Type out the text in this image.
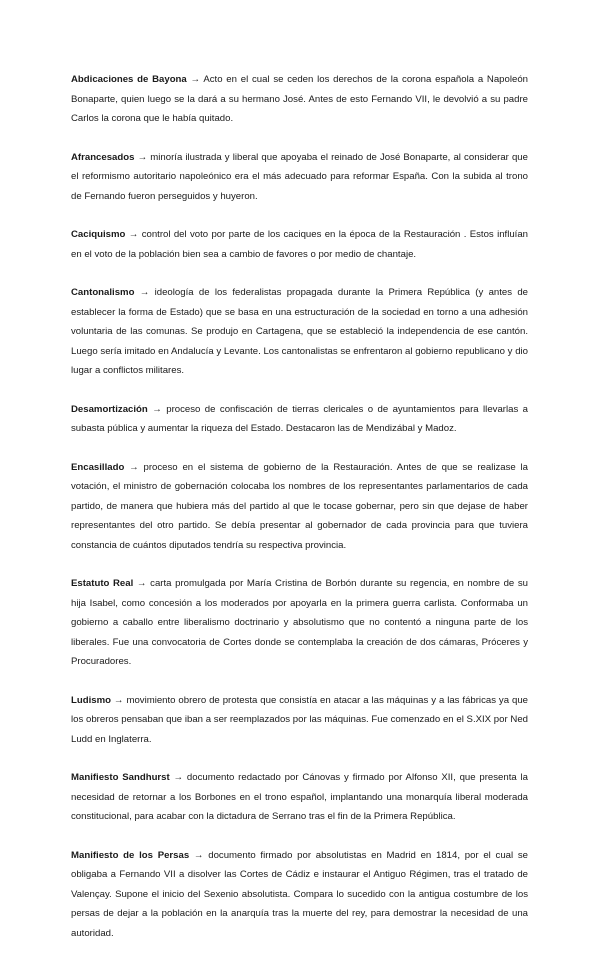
Abdicaciones de Bayona → Acto en el cual se ceden los derechos de la corona española a Napoleón Bonaparte, quien luego se la dará a su hermano José. Antes de esto Fernando VII, le devolvió a su padre Carlos la corona que le había quitado.

Afrancesados → minoría ilustrada y liberal que apoyaba el reinado de José Bonaparte, al considerar que el reformismo autoritario napoleónico era el más adecuado para reformar España. Con la subida al trono de Fernando fueron perseguidos y huyeron.

Caciquismo → control del voto por parte de los caciques en la época de la Restauración . Estos influían en el voto de la población bien sea a cambio de favores o por medio de chantaje.

Cantonalismo → ideología de los federalistas propagada durante la Primera República (y antes de establecer la forma de Estado) que se basa en una estructuración de la sociedad en torno a una adhesión voluntaria de las comunas. Se produjo en Cartagena, que se estableció la independencia de ese cantón. Luego sería imitado en Andalucía y Levante. Los cantonalistas se enfrentaron al gobierno republicano y dio lugar a conflictos militares.

Desamortización → proceso de confiscación de tierras clericales o de ayuntamientos para llevarlas a subasta pública y aumentar la riqueza del Estado. Destacaron las de Mendizábal y Madoz.

Encasillado → proceso en el sistema de gobierno de la Restauración. Antes de que se realizase la votación, el ministro de gobernación colocaba los nombres de los representantes parlamentarios de cada partido, de manera que hubiera más del partido al que le tocase gobernar, pero sin que dejase de haber representantes del otro partido. Se debía presentar al gobernador de cada provincia para que tuviera constancia de cuántos diputados tendría su respectiva provincia.

Estatuto Real → carta promulgada por María Cristina de Borbón durante su regencia, en nombre de su hija Isabel, como concesión a los moderados por apoyarla en la primera guerra carlista. Conformaba un gobierno a caballo entre liberalismo doctrinario y absolutismo que no contentó a ninguna parte de los liberales. Fue una convocatoria de Cortes donde se contemplaba la creación de dos cámaras, Próceres y Procuradores.

Ludismo → movimiento obrero de protesta que consistía en atacar a las máquinas y a las fábricas ya que los obreros pensaban que iban a ser reemplazados por las máquinas. Fue comenzado en el S.XIX por Ned Ludd en Inglaterra.

Manifiesto Sandhurst → documento redactado por Cánovas y firmado por Alfonso XII, que presenta la necesidad de retornar a los Borbones en el trono español, implantando una monarquía liberal moderada constitucional, para acabar con la dictadura de Serrano tras el fin de la Primera República.

Manifiesto de los Persas → documento firmado por absolutistas en Madrid en 1814, por el cual se obligaba a Fernando VII a disolver las Cortes de Cádiz e instaurar el Antiguo Régimen, tras el tratado de Valençay. Supone el inicio del Sexenio absolutista. Compara lo sucedido con la antigua costumbre de los persas de dejar a la población en la anarquía tras la muerte del rey, para demostrar la necesidad de una autoridad.
